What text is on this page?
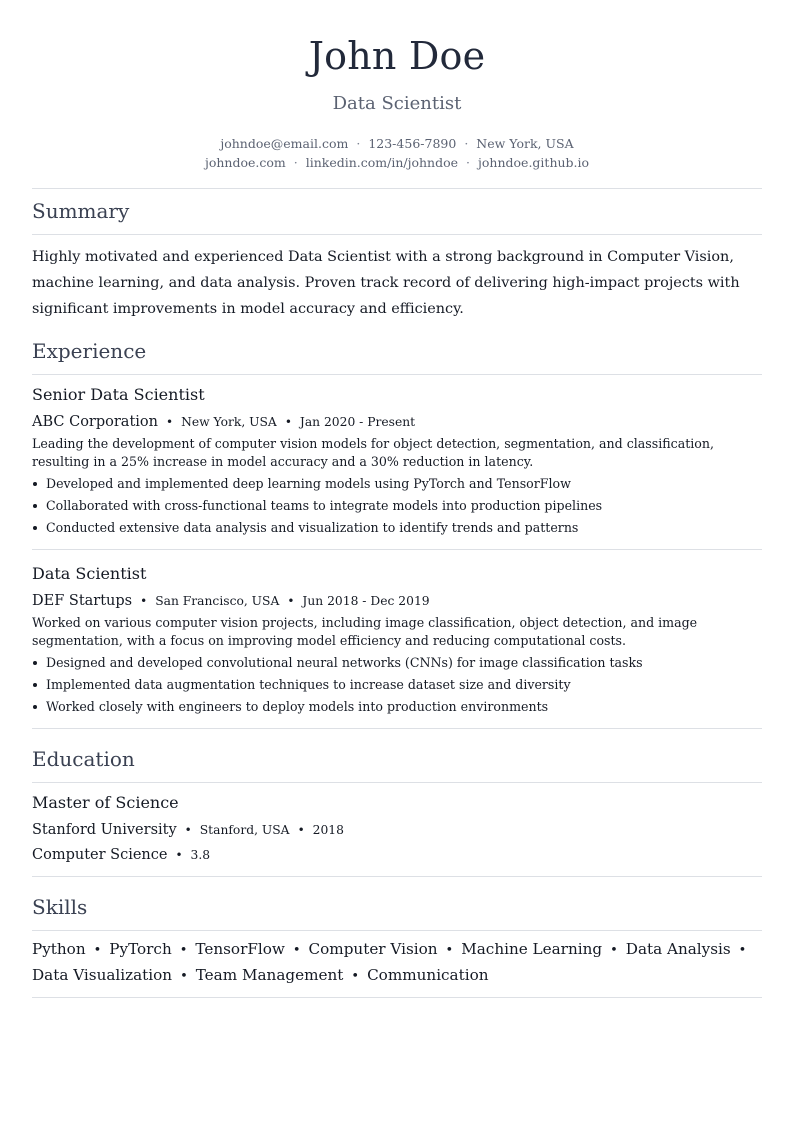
John Doe
Data Scientist
johndoe@email.com · 123-456-7890 · New York, USA
johndoe.com · linkedin.com/in/johndoe · johndoe.github.io
Summary
Highly motivated and experienced Data Scientist with a strong background in Computer Vision, machine learning, and data analysis. Proven track record of delivering high-impact projects with significant improvements in model accuracy and efficiency.
Experience
Senior Data Scientist
ABC Corporation • New York, USA • Jan 2020 - Present
Leading the development of computer vision models for object detection, segmentation, and classification, resulting in a 25% increase in model accuracy and a 30% reduction in latency.
Developed and implemented deep learning models using PyTorch and TensorFlow
Collaborated with cross-functional teams to integrate models into production pipelines
Conducted extensive data analysis and visualization to identify trends and patterns
Data Scientist
DEF Startups • San Francisco, USA • Jun 2018 - Dec 2019
Worked on various computer vision projects, including image classification, object detection, and image segmentation, with a focus on improving model efficiency and reducing computational costs.
Designed and developed convolutional neural networks (CNNs) for image classification tasks
Implemented data augmentation techniques to increase dataset size and diversity
Worked closely with engineers to deploy models into production environments
Education
Master of Science
Stanford University • Stanford, USA • 2018
Computer Science • 3.8
Skills
Python • PyTorch • TensorFlow • Computer Vision • Machine Learning • Data Analysis •
Data Visualization • Team Management • Communication
